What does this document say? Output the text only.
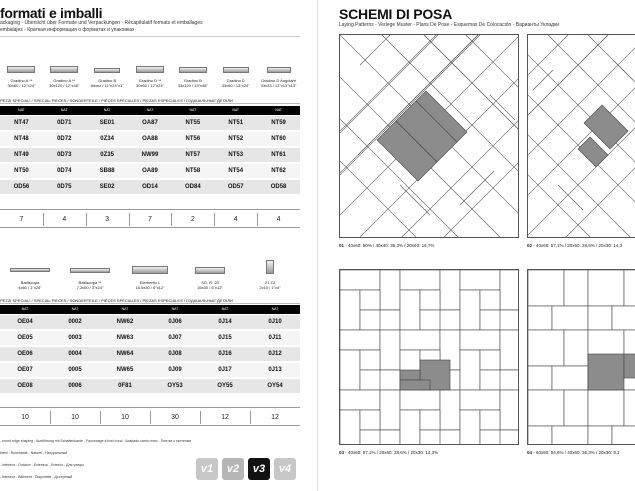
formati e imballi
ackaging - Übersicht über Formate und Verpackungen - Récapitulatif formats et emballages
embalajes - Краткая информация о форматах и упаковках
Gradino A **
30x60 / 12"x24"
Gradino A **
30x120 / 12"x48"
Gradino B
thkmz / 11"x24"x1"
Gradino D **
30x60 / 12"x24"
Gradino B
33x120 / 13"x48"
Gradino D
33x60 / 13"x24"
Gradino D Angolare
33x33 / 13"x13"x13"
PEZZI SPECIALI / SPECIAL PIECES / SONDERTEILE / PIÈCES SPÉCIALES / PIEZAS ESPECIALES / ГОДАЧАЛЬНЫЕ ДЕТАЛИ
NAT	NAT	NAT	NAT	NAT	NAT	NAT
NT47	0D71	SE01	OA87	NT55	NT51	NT59
NT48	0D72	0Z34	OA88	NT56	NT52	NT60
NT49	0D73	0Z35	NW99	NT57	NT53	NT61
NT50	0D74	SB88	OA89	NT58	NT54	NT62
OD56	0D75	SE02	OD14	OD84	OD57	OD58
7	4	3	7	2	4	4
Battiscopa
4x60 / 1"x24"
Battiscopa **
7,2x60 / 3"x24"
Elemento L
16,5x30 / 6"x12"
SG. R. 25
16x30 / 6"x12"
Z1 Z2
2x10 / 1"x4"
PEZZI SPECIALI / SPECIAL PIECES / SONDERTEILE / PIÈCES SPÉCIALES / PIEZAS ESPECIALES / ГОДАЧАЛЬНЫЕ ДЕТАЛИ
NAT	NAT	NAT	NAT	NAT	NAT
OE04	0002	NW62	0J06	0J14	0J10
OE05	0003	NW63	0J07	0J15	0J11
OE06	0004	NW64	0J08	0J16	0J12
OE07	0005	NW65	0J09	0J17	0J13
OE08	0006	0F81	OY53	OY55	OY54
10	10	10	30	12	12
- round edge shaping - Ausführung mit Schattenkante - Façonnage à bord rond - Acabado canto romo - Плитка с галтелью
bient - Ruhekante - Naturel - Натуральный
- Intérieur - Outdoor - Exterieur - Exterior - Для улицы
- Intérieur - Bâtiment - Disponible - Доступный
v1	v2	v3	v4
SCHEMI DI POSA
Laying Patterns - Verlege Muster - Plans De Pose - Esquemas De Colocación - Варианты Укладки
01 - 40x60: 50% / 40x40: 35,3% / 20x60: 16,7%	02 - 40x60: 57,1% / 20x60: 28,6% / 20x30: 14,3
03 - 40x60: 57,1% / 20x60: 28,6% / 20x30: 14,3%	04 - 60x60: 54,6% / 40x60: 36,3% / 20x30: 9,1
